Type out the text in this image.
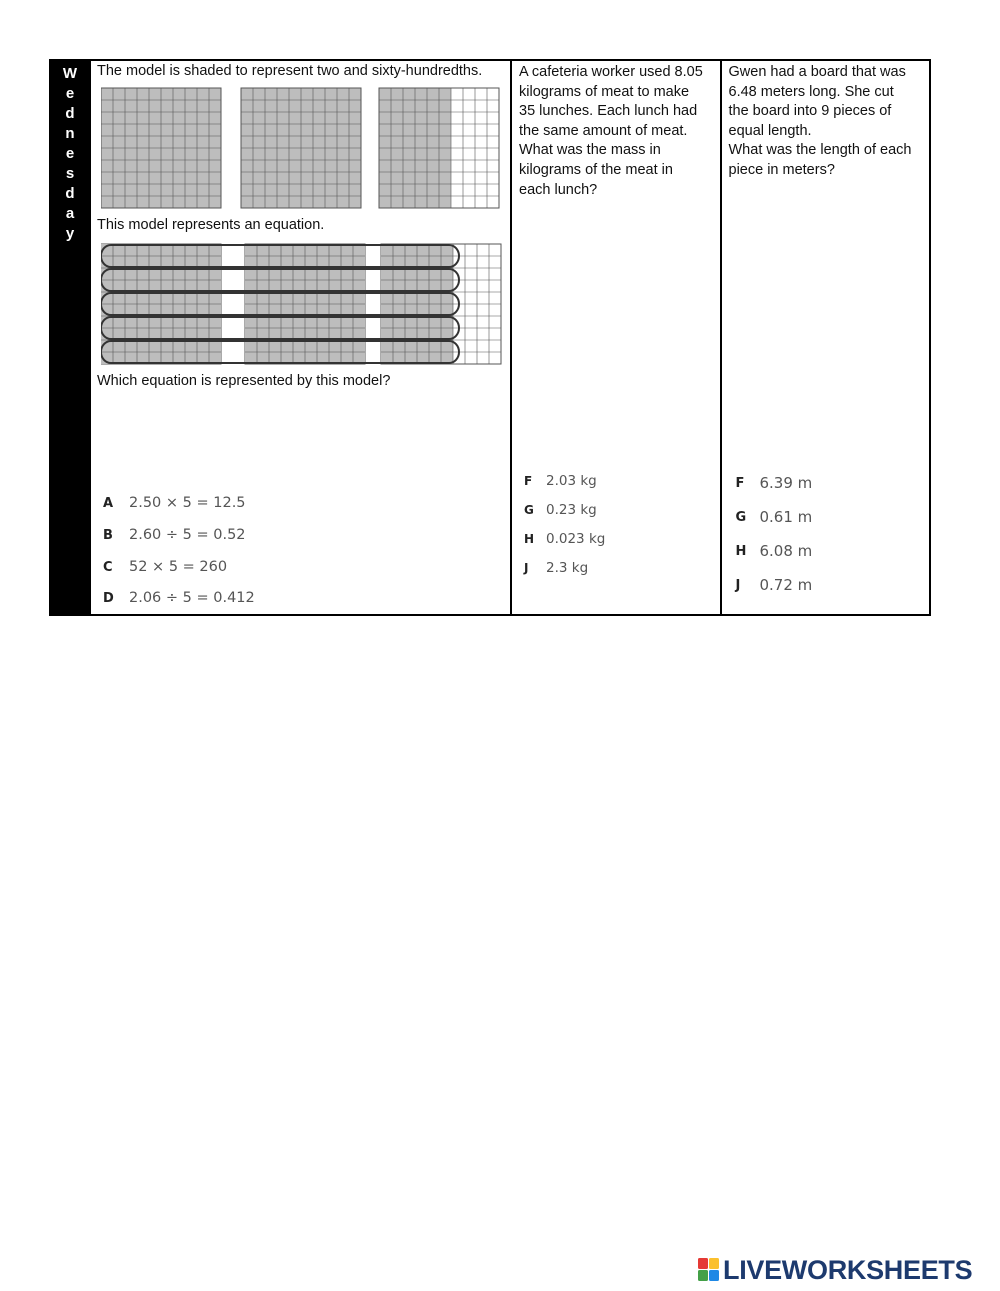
W
e
d
n
e
s
d
a
y
The model is shaded to represent two and sixty-hundredths.
This model represents an equation.
Which equation is represented by this model?
A	2.50 × 5 = 12.5
B	2.60 ÷ 5 = 0.52
C	52 × 5 = 260
D	2.06 ÷ 5 = 0.412
A cafeteria worker used 8.05
kilograms of meat to make
35 lunches. Each lunch had
the same amount of meat.
What was the mass in
kilograms of the meat in
each lunch?
F	2.03 kg
G 0.23 kg
H 0.023 kg
J	2.3 kg
Gwen had a board that was
6.48 meters long. She cut
the board into 9 pieces of
equal length.
What was the length of each
piece in meters?
F	6.39 m
G 0.61 m
H 6.08 m
J	0.72 m
LIVEWORKSHEETS
